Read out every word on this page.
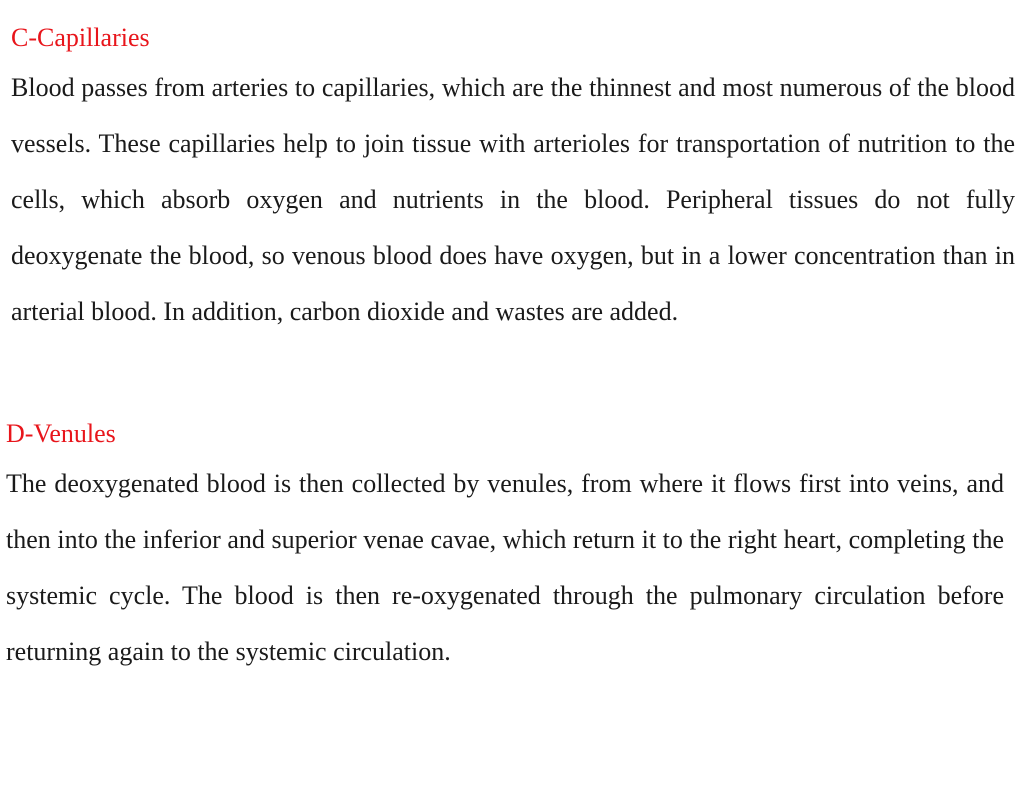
C-Capillaries

Blood passes from arteries to capillaries, which are the thinnest and most numerous of the blood vessels. These capillaries help to join tissue with arterioles for transportation of nutrition to the cells, which absorb oxygen and nutrients in the blood. Peripheral tissues do not fully deoxygenate the blood, so venous blood does have oxygen, but in a lower concentration than in arterial blood. In addition, carbon dioxide and wastes are added.

D-Venules

The deoxygenated blood is then collected by venules, from where it flows first into veins, and then into the inferior and superior venae cavae, which return it to the right heart, completing the systemic cycle. The blood is then re-oxygenated through the pulmonary circulation before returning again to the systemic circulation.
